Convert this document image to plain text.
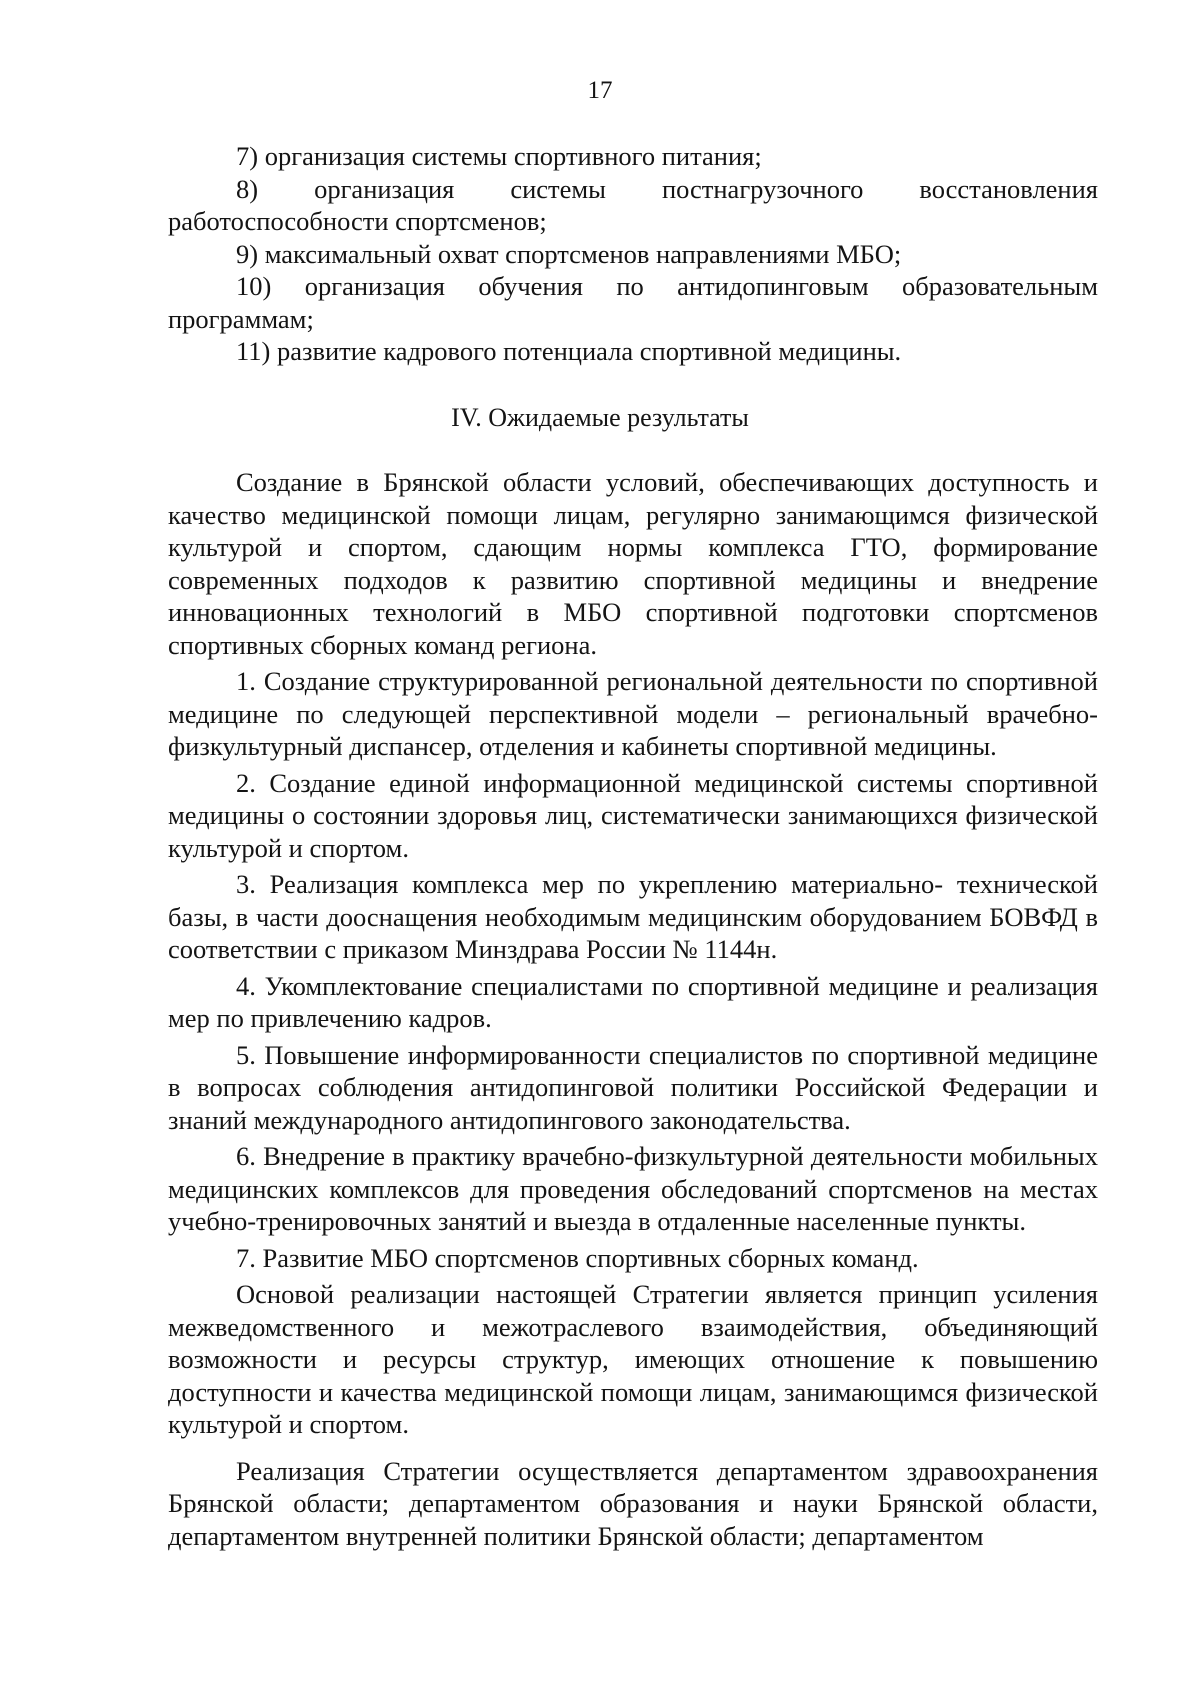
17

7) организация системы спортивного питания;

8) организация системы постнагрузочного восстановления работоспособности спортсменов;

9) максимальный охват спортсменов направлениями МБО;

10) организация обучения по антидопинговым образовательным программам;

11) развитие кадрового потенциала спортивной медицины.

IV. Ожидаемые результаты

Создание в Брянской области условий, обеспечивающих доступность и качество медицинской помощи лицам, регулярно занимающимся физической культурой и спортом, сдающим нормы комплекса ГТО, формирование современных подходов к развитию спортивной медицины и внедрение инновационных технологий в МБО спортивной подготовки спортсменов спортивных сборных команд региона.

1. Создание структурированной региональной деятельности по спортивной медицине по следующей перспективной модели – региональный врачебно-физкультурный диспансер, отделения и кабинеты спортивной медицины.

2. Создание единой информационной медицинской системы спортивной медицины о состоянии здоровья лиц, систематически занимающихся физической культурой и спортом.

3. Реализация комплекса мер по укреплению материально- технической базы, в части дооснащения необходимым медицинским оборудованием БОВФД в соответствии с приказом Минздрава России № 1144н.

4. Укомплектование специалистами по спортивной медицине и реализация мер по привлечению кадров.

5. Повышение информированности специалистов по спортивной медицине в вопросах соблюдения антидопинговой политики Российской Федерации и знаний международного антидопингового законодательства.

6. Внедрение в практику врачебно-физкультурной деятельности мобильных медицинских комплексов для проведения обследований спортсменов на местах учебно-тренировочных занятий и выезда в отдаленные населенные пункты.

7. Развитие МБО спортсменов спортивных сборных команд.

Основой реализации настоящей Стратегии является принцип усиления межведомственного и межотраслевого взаимодействия, объединяющий возможности и ресурсы структур, имеющих отношение к повышению доступности и качества медицинской помощи лицам, занимающимся физической культурой и спортом.

Реализация Стратегии осуществляется департаментом здравоохранения Брянской области; департаментом образования и науки Брянской области, департаментом внутренней политики Брянской области; департаментом
